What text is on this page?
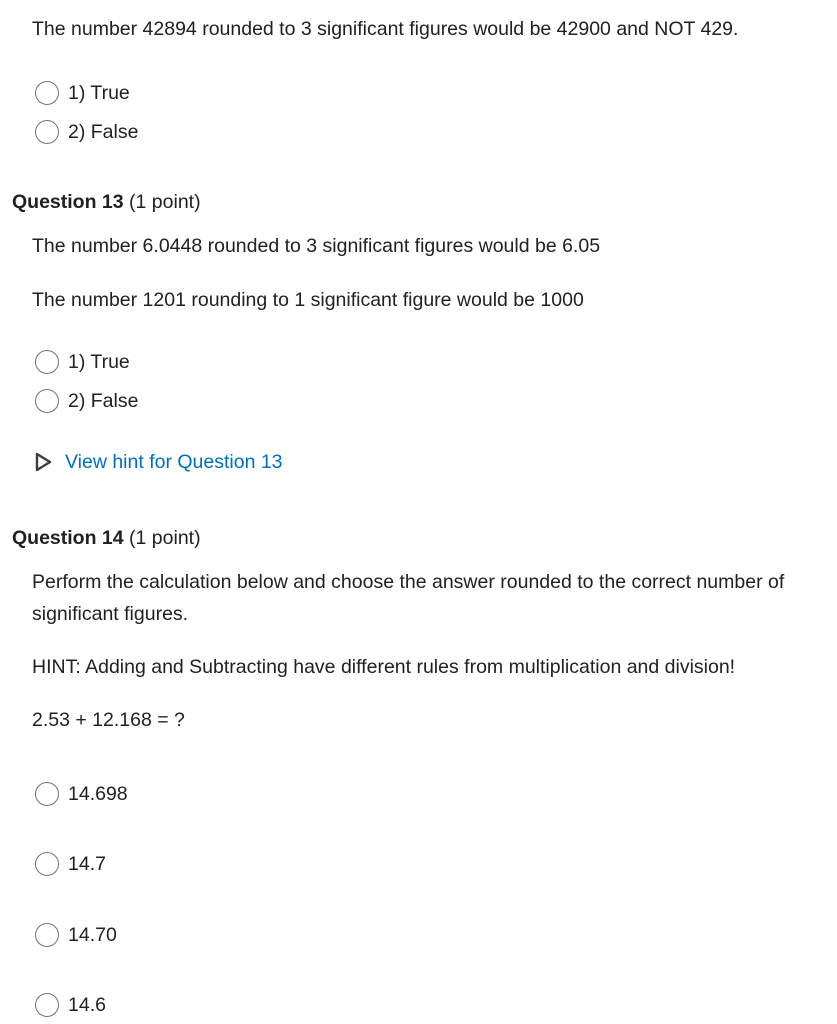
The number 42894 rounded to 3 significant figures would be 42900 and NOT 429.
1) True
2) False
Question 13 (1 point)
The number 6.0448 rounded to 3 significant figures would be 6.05
The number 1201 rounding to 1 significant figure would be 1000
1) True
2) False
View hint for Question 13
Question 14 (1 point)
Perform the calculation below and choose the answer rounded to the correct number of significant figures.
HINT: Adding and Subtracting have different rules from multiplication and division!
2.53 + 12.168 = ?
14.698
14.7
14.70
14.6
